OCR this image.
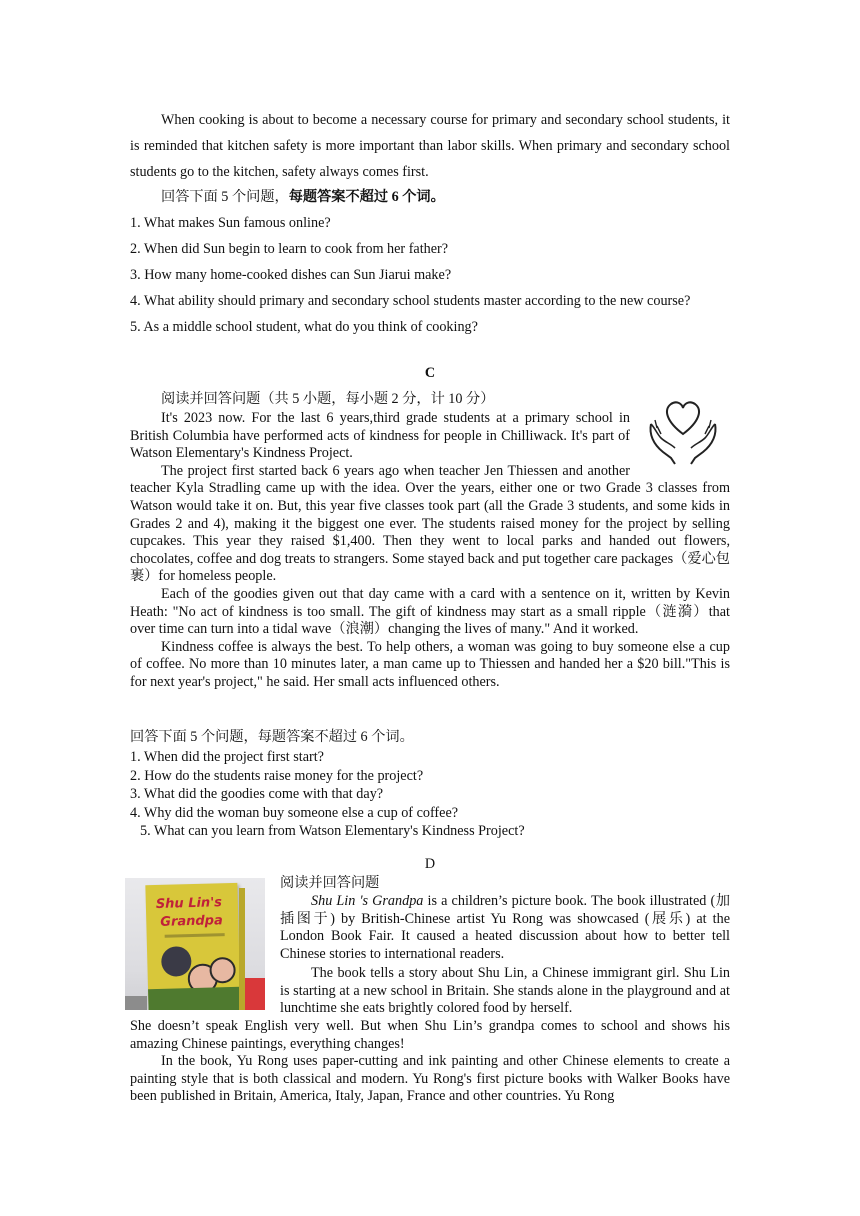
When cooking is about to become a necessary course for primary and secondary school students, it is reminded that kitchen safety is more important than labor skills. When primary and secondary school students go to the kitchen, safety always comes first.

回答下面 5 个问题，每题答案不超过 6 个词。

1. What makes Sun famous online?

2. When did Sun begin to learn to cook from her father?

3. How many home-cooked dishes can Sun Jiarui make?

4. What ability should primary and secondary school students master according to the new course?

5. As a middle school student, what do you think of cooking?

C

阅读并回答问题（共 5 小题，每小题 2 分，计 10 分）

It's 2023 now. For the last 6 years,third grade students at a primary school in British Columbia have performed acts of kindness for people in Chilliwack. It's part of Watson Elementary's Kindness Project.

The project first started back 6 years ago when teacher Jen Thiessen and another teacher Kyla Stradling came up with the idea. Over the years, either one or two Grade 3 classes from Watson would take it on. But, this year five classes took part (all the Grade 3 students, and some kids in Grades 2 and 4), making it the biggest one ever. The students raised money for the project by selling cupcakes. This year they raised $1,400. Then they went to local parks and handed out flowers, chocolates, coffee and dog treats to strangers. Some stayed back and put together care packages（爱心包裹）for homeless people.

Each of the goodies given out that day came with a card with a sentence on it, written by Kevin Heath: "No act of kindness is too small. The gift of kindness may start as a small ripple（涟漪）that over time can turn into a tidal wave（浪潮）changing the lives of many." And it worked.

Kindness coffee is always the best. To help others, a woman was going to buy someone else a cup of coffee. No more than 10 minutes later, a man came up to Thiessen and handed her a $20 bill."This is for next year's project," he said. Her small acts influenced others.

回答下面 5 个问题，每题答案不超过 6 个词。

1. When did the project first start?

2. How do the students raise money for the project?

3. What did the goodies come with that day?

4. Why did the woman buy someone else a cup of coffee?

5. What can you learn from Watson Elementary's Kindness Project?

D

Shu Lin's
Grandpa

阅读并回答问题

Shu Lin 's Grandpa is a children’s picture book. The book illustrated (加插图于) by British-Chinese artist Yu Rong was showcased (展乐) at the London Book Fair. It caused a heated discussion about how to better tell Chinese stories to international readers.

The book tells a story about Shu Lin, a Chinese immigrant girl. Shu Lin is starting at a new school in Britain. She stands alone in the playground and at lunchtime she eats brightly colored food by herself.

She doesn’t speak English very well. But when Shu Lin’s grandpa comes to school and shows his amazing Chinese paintings, everything changes!

In the book, Yu Rong uses paper-cutting and ink painting and other Chinese elements to create a painting style that is both classical and modern. Yu Rong's first picture books with Walker Books have been published in Britain, America, Italy, Japan, France and other countries. Yu Rong
